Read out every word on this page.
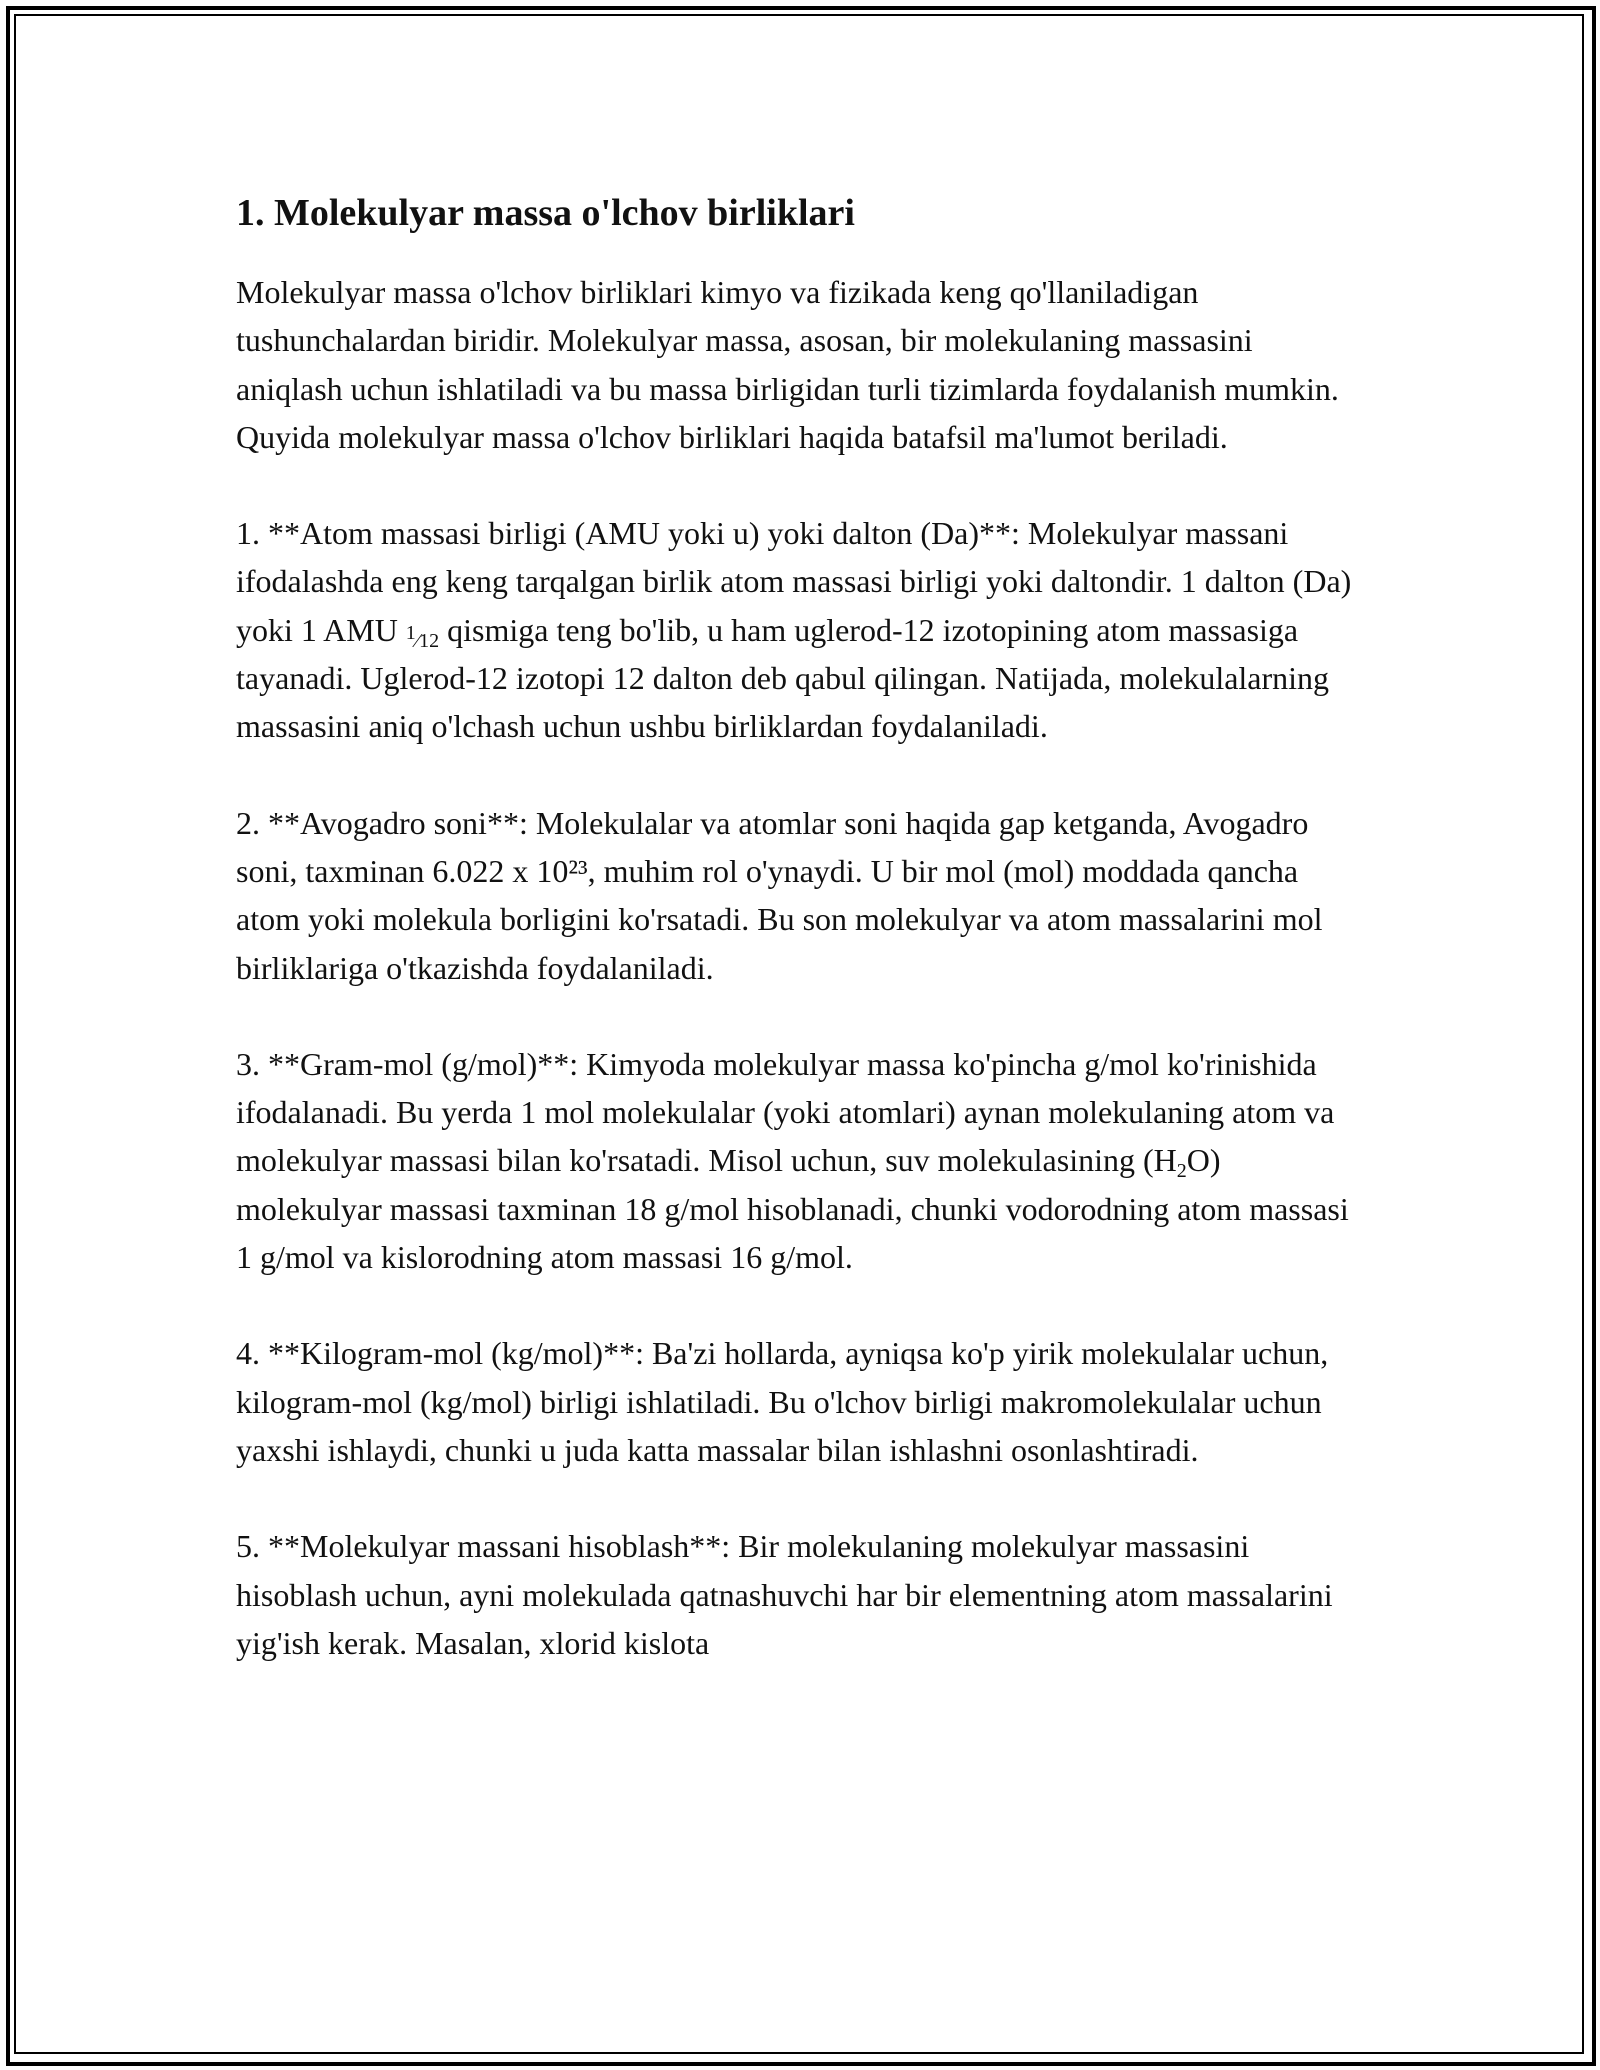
1. Molekulyar massa o'lchov birliklari

Molekulyar massa o'lchov birliklari kimyo va fizikada keng qo'llaniladigan tushunchalardan biridir. Molekulyar massa, asosan, bir molekulaning massasini aniqlash uchun ishlatiladi va bu massa birligidan turli tizimlarda foydalanish mumkin. Quyida molekulyar massa o'lchov birliklari haqida batafsil ma'lumot beriladi.

1. **Atom massasi birligi (AMU yoki u) yoki dalton (Da)**: Molekulyar massani ifodalashda eng keng tarqalgan birlik atom massasi birligi yoki daltondir. 1 dalton (Da) yoki 1 AMU $^1$⁄12 qismiga teng bo'lib, u ham uglerod-12 izotopining atom massasiga tayanadi. Uglerod-12 izotopi 12 dalton deb qabul qilingan. Natijada, molekulalarning massasini aniq o'lchash uchun ushbu birliklardan foydalaniladi.

2. **Avogadro soni**: Molekulalar va atomlar soni haqida gap ketganda, Avogadro soni, taxminan 6.022 x 10²³, muhim rol o'ynaydi. U bir mol (mol) moddada qancha atom yoki molekula borligini ko'rsatadi. Bu son molekulyar va atom massalarini mol birliklariga o'tkazishda foydalaniladi.

3. **Gram-mol (g/mol)**: Kimyoda molekulyar massa ko'pincha g/mol ko'rinishida ifodalanadi. Bu yerda 1 mol molekulalar (yoki atomlari) aynan molekulaning atom va molekulyar massasi bilan ko'rsatadi. Misol uchun, suv molekulasining $(H_2O)$ molekulyar massasi taxminan 18 g/mol hisoblanadi, chunki vodorodning atom massasi 1 g/mol va kislorodning atom massasi 16 g/mol.

4. **Kilogram-mol (kg/mol)**: Ba'zi hollarda, ayniqsa ko'p yirik molekulalar uchun, kilogram-mol (kg/mol) birligi ishlatiladi. Bu o'lchov birligi makromolekulalar uchun yaxshi ishlaydi, chunki u juda katta massalar bilan ishlashni osonlashtiradi.

5. **Molekulyar massani hisoblash**: Bir molekulaning molekulyar massasini hisoblash uchun, ayni molekulada qatnashuvchi har bir elementning atom massalarini yig'ish kerak. Masalan, xlorid kislota
